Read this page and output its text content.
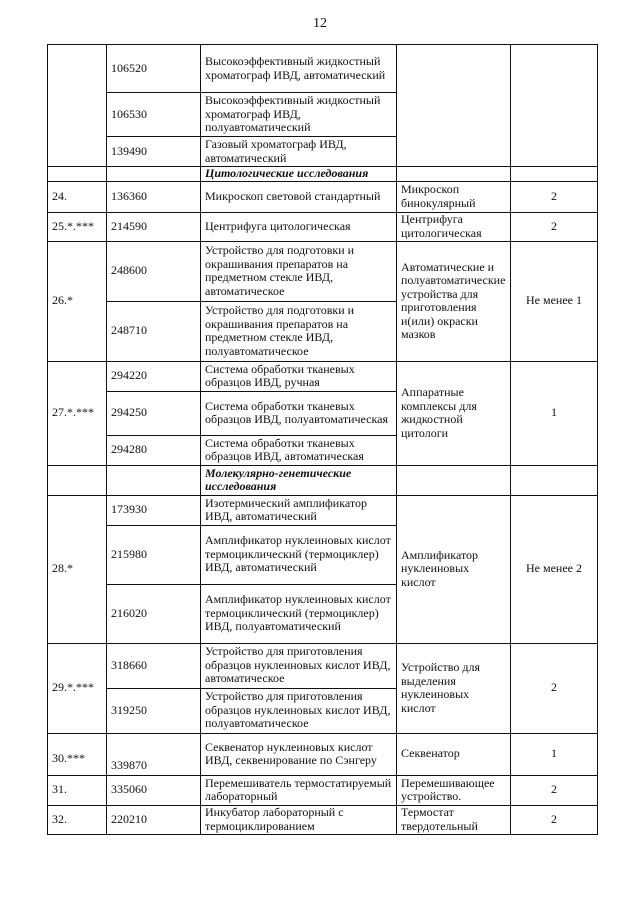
12
	106520	Высокоэффективный жидкостный хроматограф ИВД, автоматический		
	106530	Высокоэффективный жидкостный хроматограф ИВД, полуавтоматический		
	139490	Газовый хроматограф ИВД, автоматический		
		Цитологические исследования		
24.	136360	Микроскоп световой стандартный	Микроскоп бинокулярный	2
25.*.***	214590	Центрифуга цитологическая	Центрифуга цитологическая	2
26.*	248600	Устройство для подготовки и окрашивания препаратов на предметном стекле ИВД, автоматическое	Автоматические и полуавтоматические устройства для приготовления и(или) окраски мазков	Не менее 1
	248710	Устройство для подготовки и окрашивания препаратов на предметном стекле ИВД, полуавтоматическое		
27.*.***	294220	Система обработки тканевых образцов ИВД, ручная	Аппаратные комплексы для жидкостной цитологи	1
	294250	Система обработки тканевых образцов ИВД, полуавтоматическая		
	294280	Система обработки тканевых образцов ИВД, автоматическая		
		Молекулярно-генетические исследования		
28.*	173930	Изотермический амплификатор ИВД, автоматический	Амплификатор нуклеиновых кислот	Не менее 2
	215980	Амплификатор нуклеиновых кислот термоциклический (термоциклер) ИВД, автоматический		
	216020	Амплификатор нуклеиновых кислот термоциклический (термоциклер) ИВД, полуавтоматический		
29.*.***	318660	Устройство для приготовления образцов нуклеиновых кислот ИВД, автоматическое	Устройство для выделения нуклеиновых кислот	2
	319250	Устройство для приготовления образцов нуклеиновых кислот ИВД, полуавтоматическое		
30.***	339870	Секвенатор нуклеиновых кислот ИВД, секвенирование по Сэнгеру	Секвенатор	1
31.	335060	Перемешиватель термостатируемый лабораторный	Перемешивающее устройство.	2
32.	220210	Инкубатор лабораторный с термоциклированием	Термостат твердотельный	2
